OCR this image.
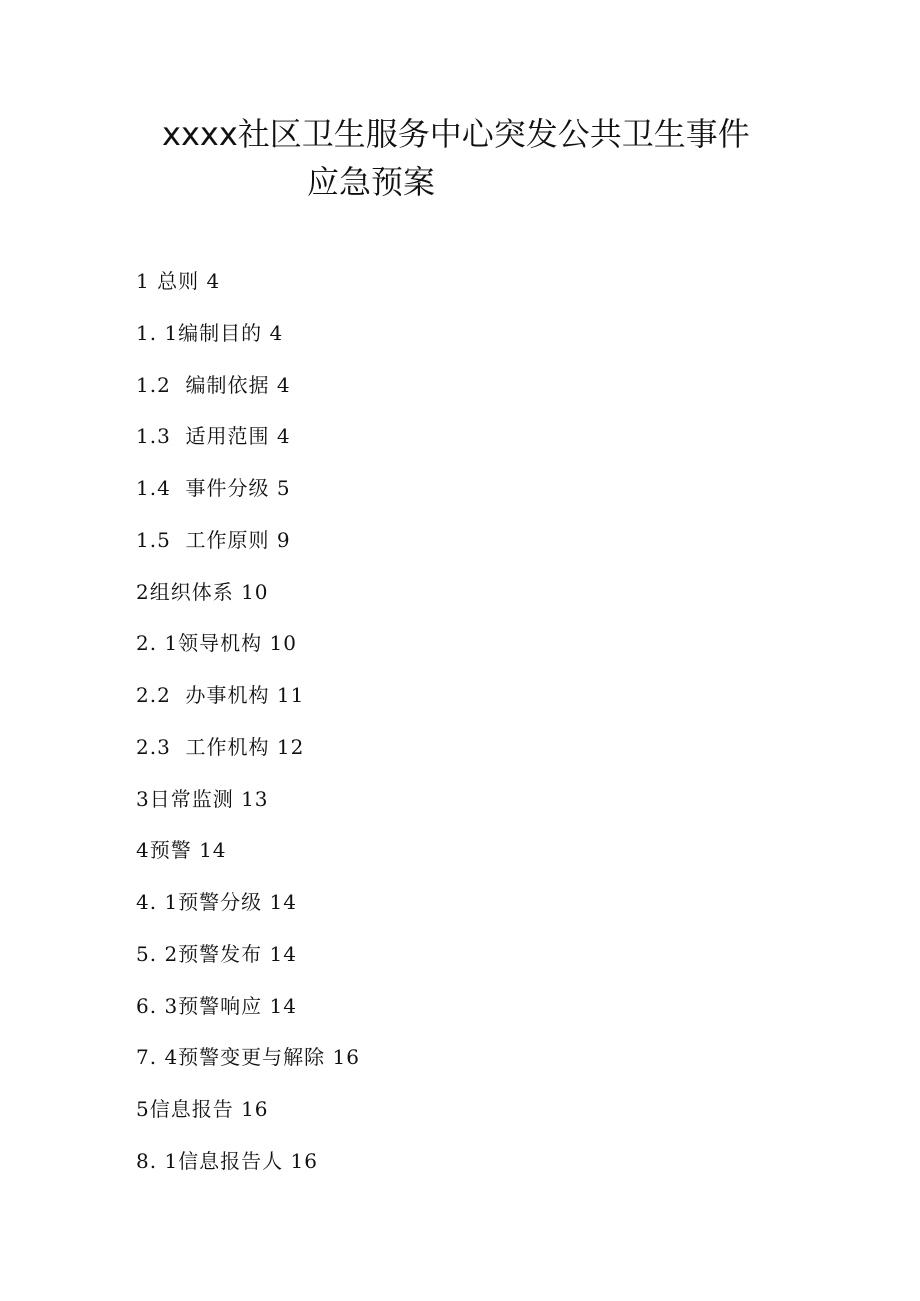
xxxx社区卫生服务中心突发公共卫生事件
应急预案
1 总则 4
1. 1编制目的 4
1.2  编制依据 4
1.3  适用范围 4
1.4  事件分级 5
1.5  工作原则 9
2组织体系 10
2. 1领导机构 10
2.2  办事机构 11
2.3  工作机构 12
3日常监测 13
4预警 14
4. 1预警分级 14
5. 2预警发布 14
6. 3预警响应 14
7. 4预警变更与解除 16
5信息报告 16
8. 1信息报告人 16
